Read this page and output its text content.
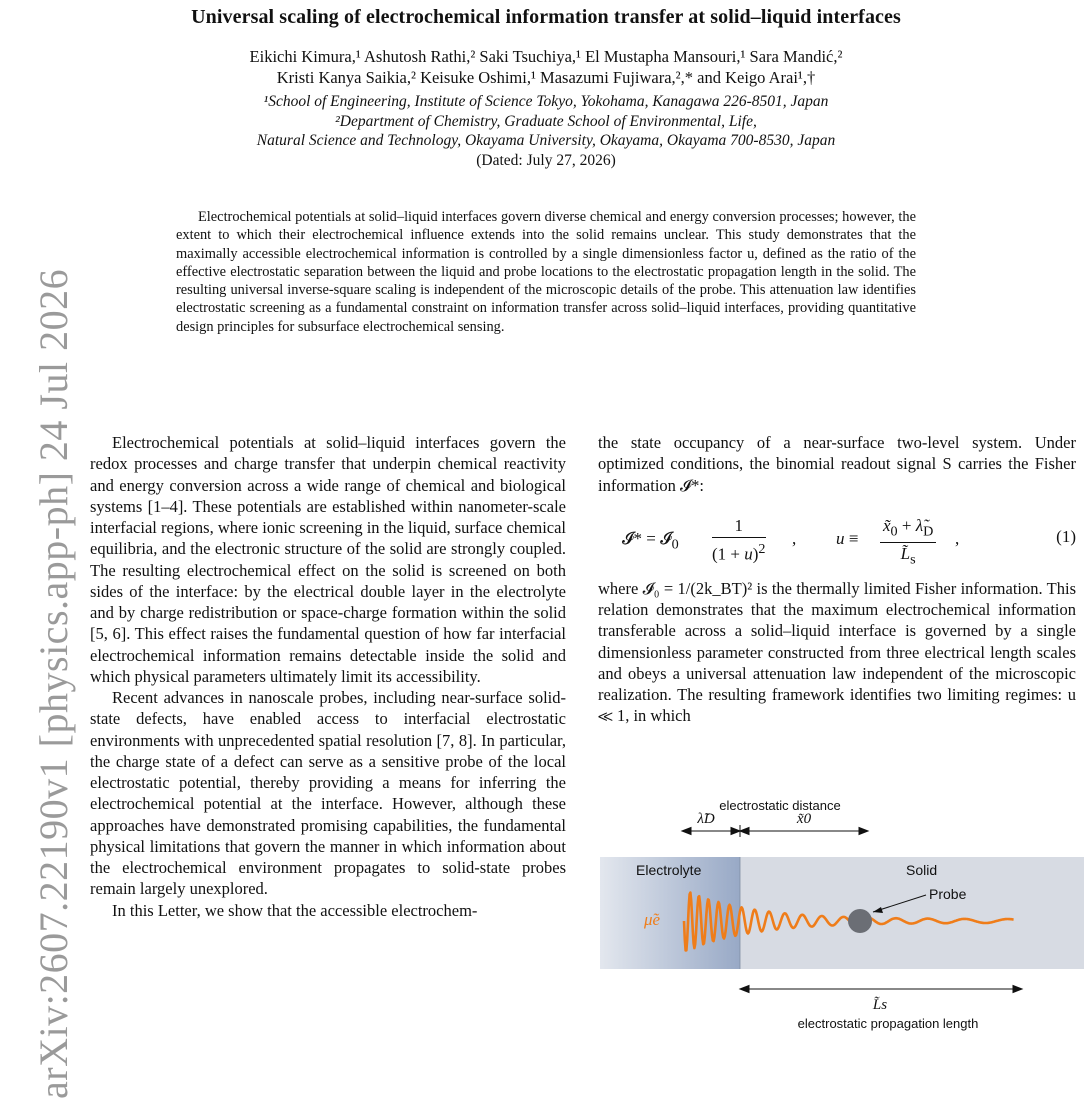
Universal scaling of electrochemical information transfer at solid–liquid interfaces
Eikichi Kimura,¹ Ashutosh Rathi,² Saki Tsuchiya,¹ El Mustapha Mansouri,¹ Sara Mandić,²
Kristi Kanya Saikia,² Keisuke Oshimi,¹ Masazumi Fujiwara,²,* and Keigo Arai¹,†
¹School of Engineering, Institute of Science Tokyo, Yokohama, Kanagawa 226-8501, Japan
²Department of Chemistry, Graduate School of Environmental, Life,
Natural Science and Technology, Okayama University, Okayama, Okayama 700-8530, Japan
(Dated: July 27, 2026)
Electrochemical potentials at solid–liquid interfaces govern diverse chemical and energy conversion processes; however, the extent to which their electrochemical influence extends into the solid remains unclear. This study demonstrates that the maximally accessible electrochemical information is controlled by a single dimensionless factor u, defined as the ratio of the effective electrostatic separation between the liquid and probe locations to the electrostatic propagation length in the solid. The resulting universal inverse-square scaling is independent of the microscopic details of the probe. This attenuation law identifies electrostatic screening as a fundamental constraint on information transfer across solid–liquid interfaces, providing quantitative design principles for subsurface electrochemical sensing.
arXiv:2607.22190v1 [physics.app-ph] 24 Jul 2026	Electrochemical potentials at solid–liquid interfaces govern the redox processes and charge transfer that underpin chemical reactivity and energy conversion across a wide range of chemical and biological systems [1–4]. These potentials are established within nanometer-scale interfacial regions, where ionic screening in the liquid, surface chemical equilibria, and the electronic structure of the solid are strongly coupled. The resulting electrochemical effect on the solid is screened on both sides of the interface: by the electrical double layer in the electrolyte and by charge redistribution or space-charge formation within the solid [5, 6]. This effect raises the fundamental question of how far interfacial electrochemical information remains detectable inside the solid and which physical parameters ultimately limit its accessibility.

Recent advances in nanoscale probes, including near-surface solid-state defects, have enabled access to interfacial electrostatic environments with unprecedented spatial resolution [7, 8]. In particular, the charge state of a defect can serve as a sensitive probe of the local electrostatic potential, thereby providing a means for inferring the electrochemical potential at the interface. However, although these approaches have demonstrated promising capabilities, the fundamental physical limitations that govern the manner in which information about the electrochemical environment propagates to solid-state probes remain largely unexplored.

In this Letter, we show that the accessible electrochem-

the state occupancy of a near-surface two-level system. Under optimized conditions, the binomial readout signal S carries the Fisher information 𝓘*:

where 𝓘₀ = 1/(2k_BT)² is the thermally limited Fisher information. This relation demonstrates that the maximum electrochemical information transferable across a solid–liquid interface is governed by a single dimensionless parameter constructed from three electrical length scales and obeys a universal attenuation law independent of the microscopic realization. The resulting framework identifies two limiting regimes: u ≪ 1, in which

𝓘* = 𝓘$_0$ $\frac{1}{(1 + u)^2}$ , $u \equiv \frac{x̃_0 + \lambdã_D}{L̃_s}$ ,	(1)
electrostatic distance
λ̃D	x̃0
Electrolyte	Solid
Probe
μ̃e
L̃s
electrostatic propagation length
